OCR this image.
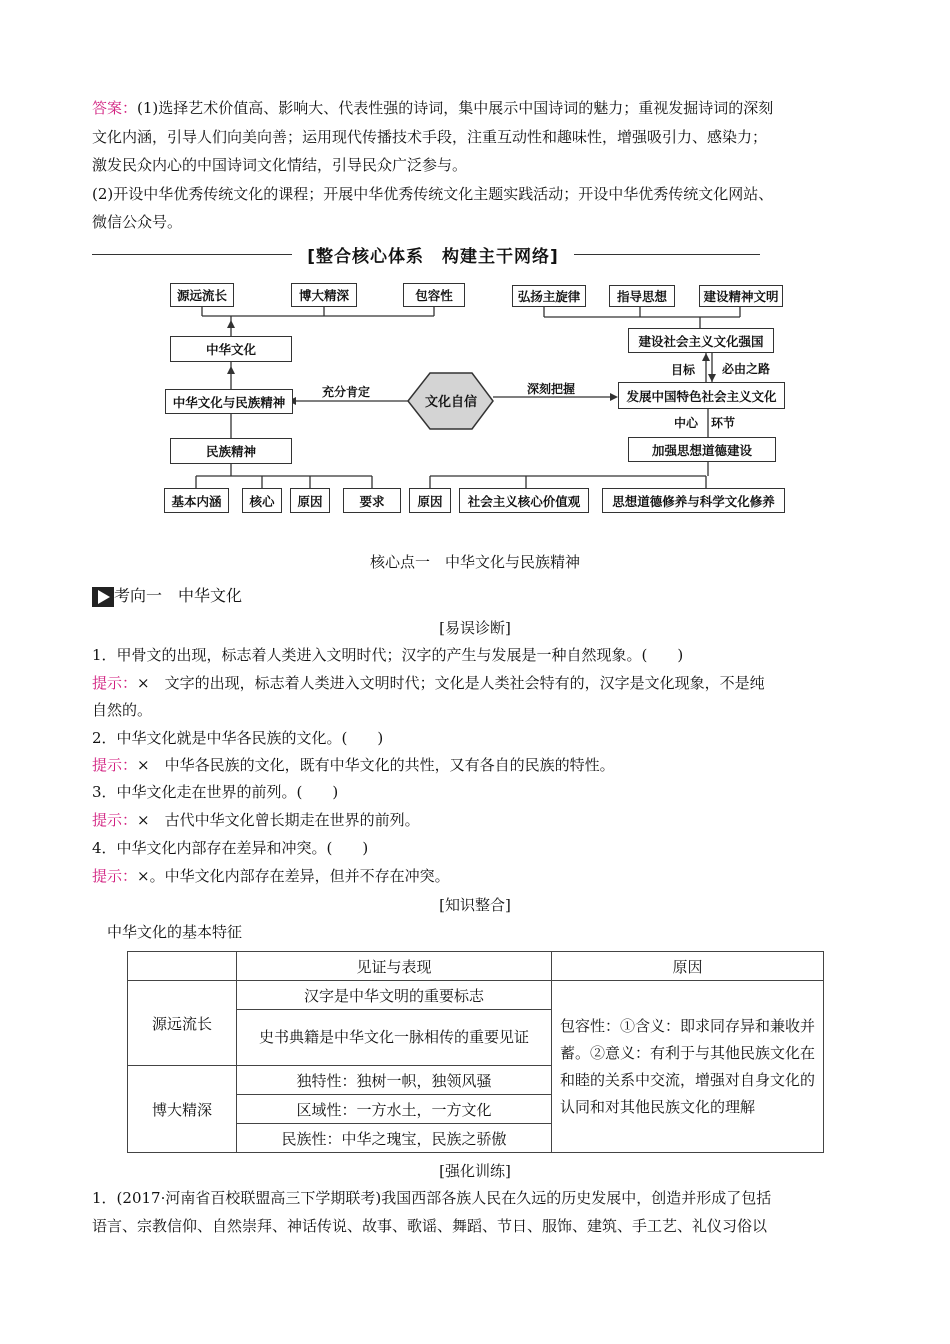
答案：(1)选择艺术价值高、影响大、代表性强的诗词，集中展示中国诗词的魅力；重视发掘诗词的深刻
文化内涵，引导人们向美向善；运用现代传播技术手段，注重互动性和趣味性，增强吸引力、感染力；
激发民众内心的中国诗词文化情结，引导民众广泛参与。
(2)开设中华优秀传统文化的课程；开展中华优秀传统文化主题实践活动；开设中华优秀传统文化网站、
微信公众号。
[整合核心体系　构建主干网络]
源远流长	博大精深	包容性
中华文化
中华文化与民族精神
民族精神
基本内涵	核心	原因	要求
文化自信
充分肯定	深刻把握
弘扬主旋律	指导思想	建设精神文明
建设社会主义文化强国
目标 必由之路
发展中国特色社会主义文化
中心 环节
加强思想道德建设
原因	社会主义核心价值观	思想道德修养与科学文化修养
核心点一　中华文化与民族精神
考向一　中华文化
[易误诊断]
1．甲骨文的出现，标志着人类进入文明时代；汉字的产生与发展是一种自然现象。(　　)
提示：×　文字的出现，标志着人类进入文明时代；文化是人类社会特有的，汉字是文化现象，不是纯
自然的。
2．中华文化就是中华各民族的文化。(　　)
提示：×　中华各民族的文化，既有中华文化的共性，又有各自的民族的特性。
3．中华文化走在世界的前列。(　　)
提示：×　古代中华文化曾长期走在世界的前列。
4．中华文化内部存在差异和冲突。(　　)
提示：×。中华文化内部存在差异，但并不存在冲突。
[知识整合]
中华文化的基本特征
	见证与表现	原因
源远流长	汉字是中华文明的重要标志	包容性：①含义：即求同存异和兼收并蓄。②意义：有利于与其他民族文化在和睦的关系中交流，增强对自身文化的认同和对其他民族文化的理解
	史书典籍是中华文化一脉相传的重要见证	
博大精深	独特性：独树一帜，独领风骚	
	区域性：一方水土，一方文化	
	民族性：中华之瑰宝，民族之骄傲	
[强化训练]
1．(2017·河南省百校联盟高三下学期联考)我国西部各族人民在久远的历史发展中，创造并形成了包括
语言、宗教信仰、自然崇拜、神话传说、故事、歌谣、舞蹈、节日、服饰、建筑、手工艺、礼仪习俗以
